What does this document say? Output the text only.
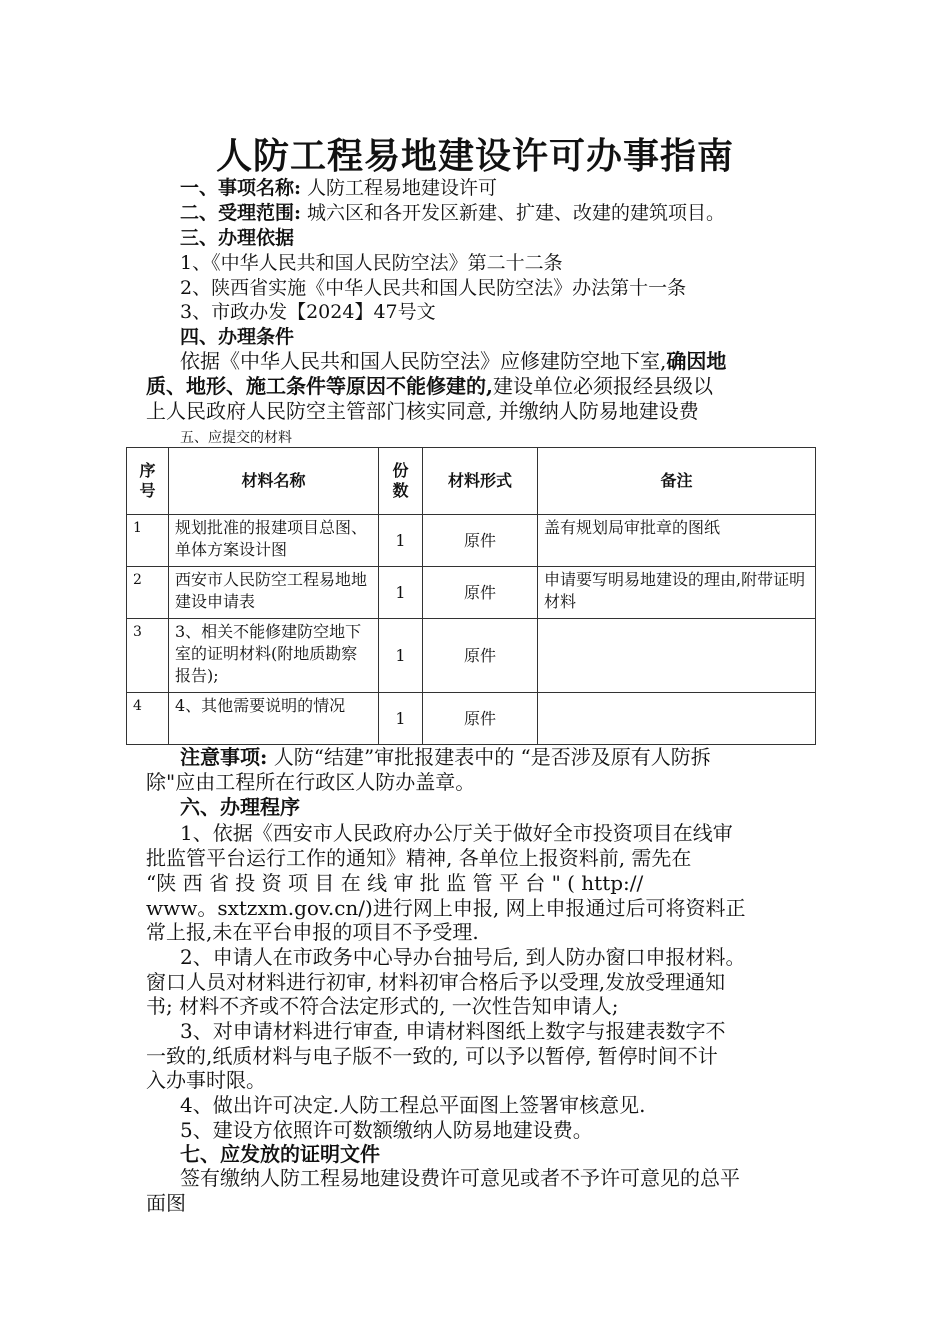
人防工程易地建设许可办事指南
一、事项名称: 人防工程易地建设许可
二、受理范围: 城六区和各开发区新建、扩建、改建的建筑项目。
三、办理依据
1、《中华人民共和国人民防空法》第二十二条
2、陕西省实施《中华人民共和国人民防空法》办法第十一条
3、市政办发【2024】47号文
四、办理条件
依据《中华人民共和国人民防空法》应修建防空地下室,确因地
质、地形、施工条件等原因不能修建的,建设单位必须报经县级以
上人民政府人民防空主管部门核实同意, 并缴纳人防易地建设费
五、应提交的材料
序号	材料名称	份数	材料形式	备注
1	规划批准的报建项目总图、单体方案设计图	1	原件	盖有规划局审批章的图纸
2	西安市人民防空工程易地地建设申请表	1	原件	申请要写明易地建设的理由,附带证明材料
3	3、相关不能修建防空地下室的证明材料(附地质勘察报告);	1	原件	
4	4、其他需要说明的情况	1	原件	
注意事项: 人防“结建”审批报建表中的 “是否涉及原有人防拆
除"应由工程所在行政区人防办盖章。
六、办理程序
1、依据《西安市人民政府办公厅关于做好全市投资项目在线审
批监管平台运行工作的通知》精神, 各单位上报资料前, 需先在
“陕 西 省 投 资 项 目 在 线 审 批 监 管 平 台 " ( http://
www。sxtzxm.gov.cn/)进行网上申报, 网上申报通过后可将资料正
常上报,未在平台申报的项目不予受理.
2、申请人在市政务中心导办台抽号后, 到人防办窗口申报材料。
窗口人员对材料进行初审, 材料初审合格后予以受理,发放受理通知
书; 材料不齐或不符合法定形式的, 一次性告知申请人;
3、对申请材料进行审查, 申请材料图纸上数字与报建表数字不
一致的,纸质材料与电子版不一致的, 可以予以暂停, 暂停时间不计
入办事时限。
4、做出许可决定.人防工程总平面图上签署审核意见.
5、建设方依照许可数额缴纳人防易地建设费。
七、应发放的证明文件
签有缴纳人防工程易地建设费许可意见或者不予许可意见的总平
面图
